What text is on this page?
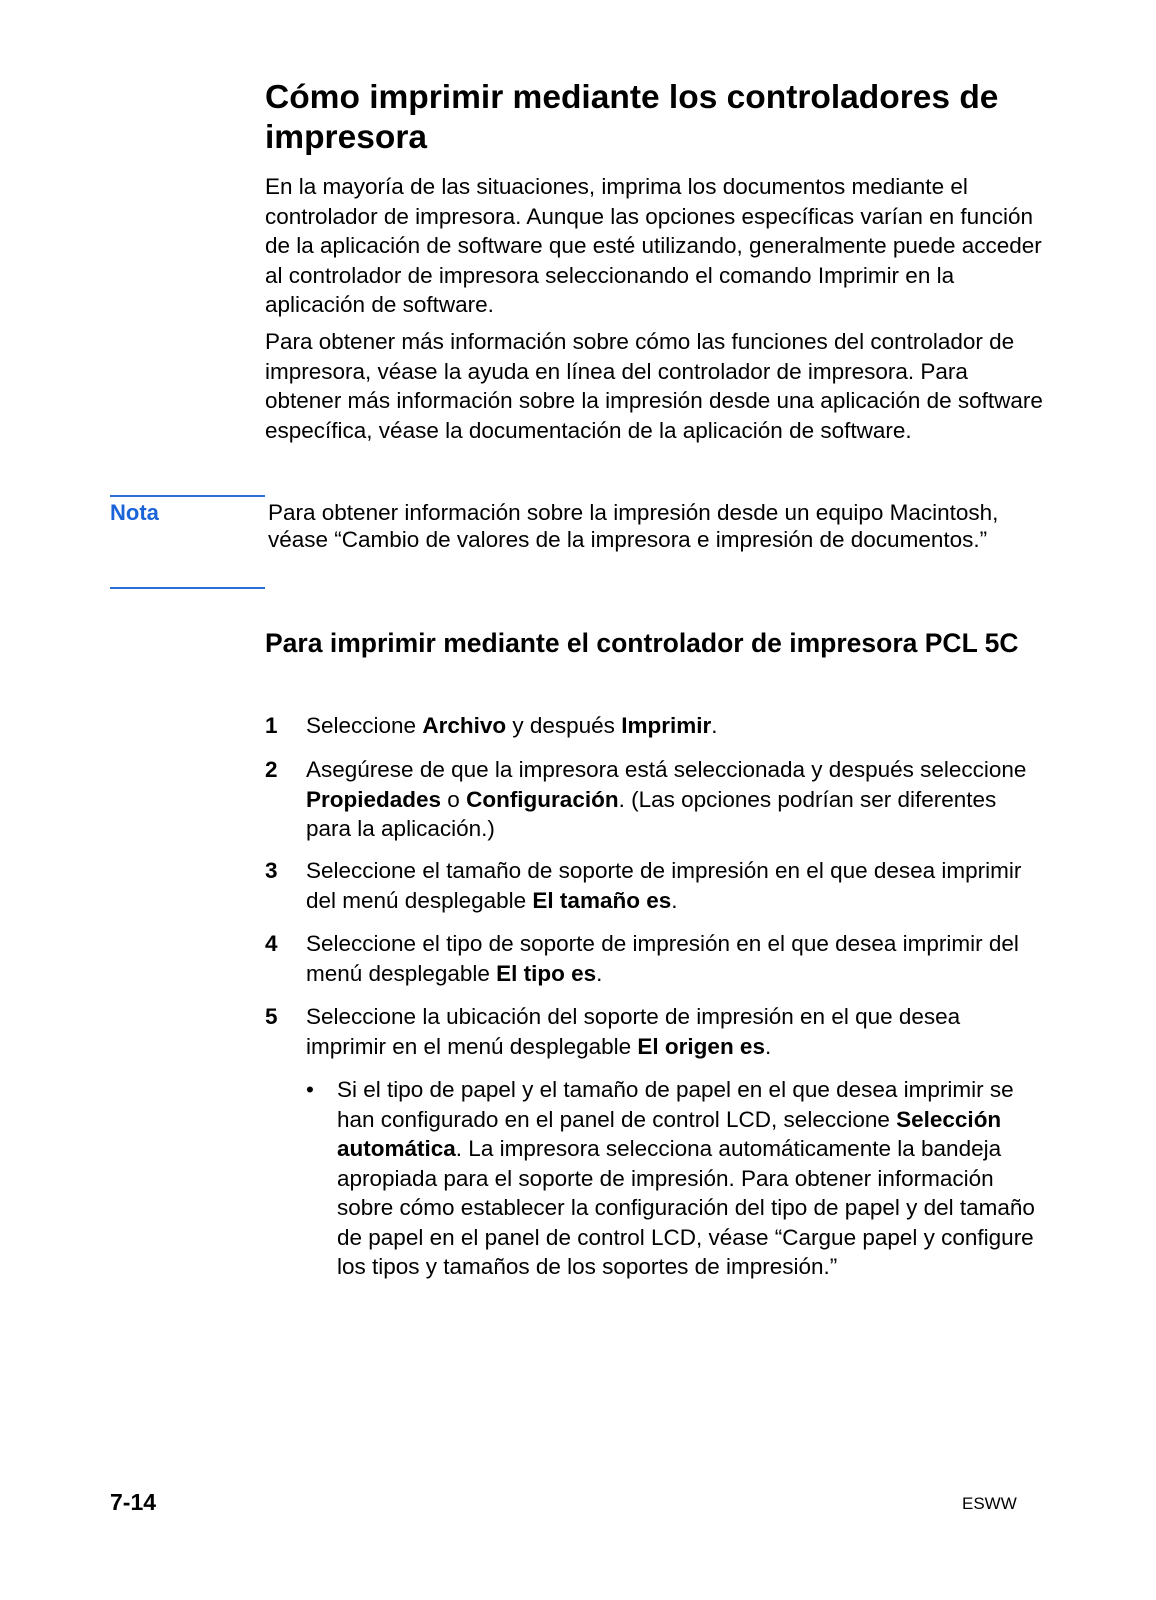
Cómo imprimir mediante los controladores de impresora

En la mayoría de las situaciones, imprima los documentos mediante el controlador de impresora. Aunque las opciones específicas varían en función de la aplicación de software que esté utilizando, generalmente puede acceder al controlador de impresora seleccionando el comando Imprimir en la aplicación de software.

Para obtener más información sobre cómo las funciones del controlador de impresora, véase la ayuda en línea del controlador de impresora. Para obtener más información sobre la impresión desde una aplicación de software específica, véase la documentación de la aplicación de software.

Nota	Para obtener información sobre la impresión desde un equipo Macintosh, véase “Cambio de valores de la impresora e impresión de documentos.”
Para imprimir mediante el controlador de impresora PCL 5C
1 Seleccione Archivo y después Imprimir.
2 Asegúrese de que la impresora está seleccionada y después seleccione Propiedades o Configuración. (Las opciones podrían ser diferentes para la aplicación.)
3 Seleccione el tamaño de soporte de impresión en el que desea imprimir del menú desplegable El tamaño es.
4 Seleccione el tipo de soporte de impresión en el que desea imprimir del menú desplegable El tipo es.
5 Seleccione la ubicación del soporte de impresión en el que desea imprimir en el menú desplegable El origen es.
• Si el tipo de papel y el tamaño de papel en el que desea imprimir se han configurado en el panel de control LCD, seleccione Selección automática. La impresora selecciona automáticamente la bandeja apropiada para el soporte de impresión. Para obtener información sobre cómo establecer la configuración del tipo de papel y del tamaño de papel en el panel de control LCD, véase “Cargue papel y configure los tipos y tamaños de los soportes de impresión.”
7-14	ESWW
